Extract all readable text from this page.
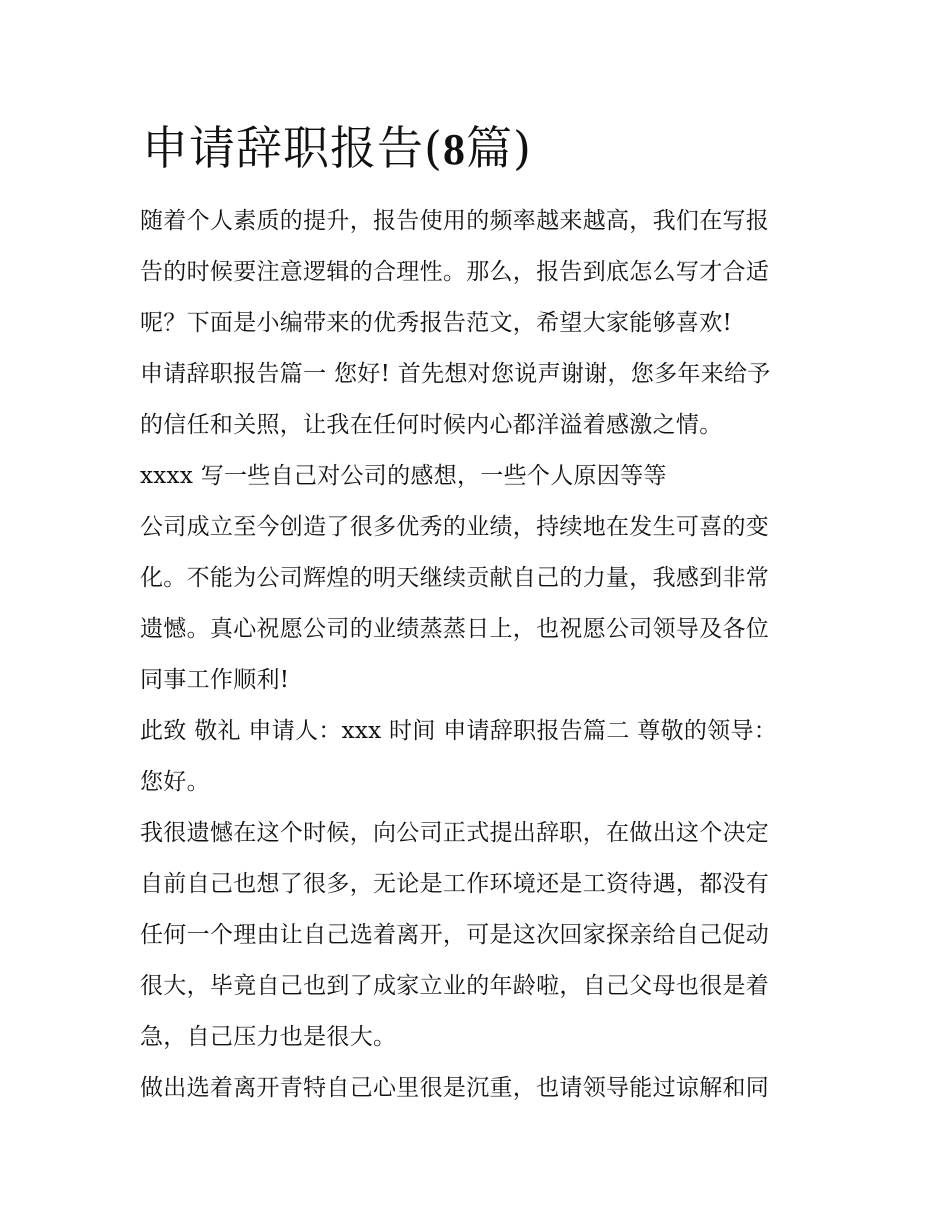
申请辞职报告(8篇)
随着个人素质的提升，报告使用的频率越来越高，我们在写报
告的时候要注意逻辑的合理性。那么，报告到底怎么写才合适
呢？下面是小编带来的优秀报告范文，希望大家能够喜欢!
申请辞职报告篇一 您好! 首先想对您说声谢谢，您多年来给予
的信任和关照，让我在任何时候内心都洋溢着感激之情。
xxxx 写一些自己对公司的感想，一些个人原因等等
公司成立至今创造了很多优秀的业绩，持续地在发生可喜的变
化。不能为公司辉煌的明天继续贡献自己的力量，我感到非常
遗憾。真心祝愿公司的业绩蒸蒸日上，也祝愿公司领导及各位
同事工作顺利!
此致 敬礼 申请人：xxx 时间 申请辞职报告篇二 尊敬的领导：
您好。
我很遗憾在这个时候，向公司正式提出辞职，在做出这个决定
自前自己也想了很多，无论是工作环境还是工资待遇，都没有
任何一个理由让自己选着离开，可是这次回家探亲给自己促动
很大，毕竟自己也到了成家立业的年龄啦，自己父母也很是着
急，自己压力也是很大。
做出选着离开青特自己心里很是沉重，也请领导能过谅解和同
